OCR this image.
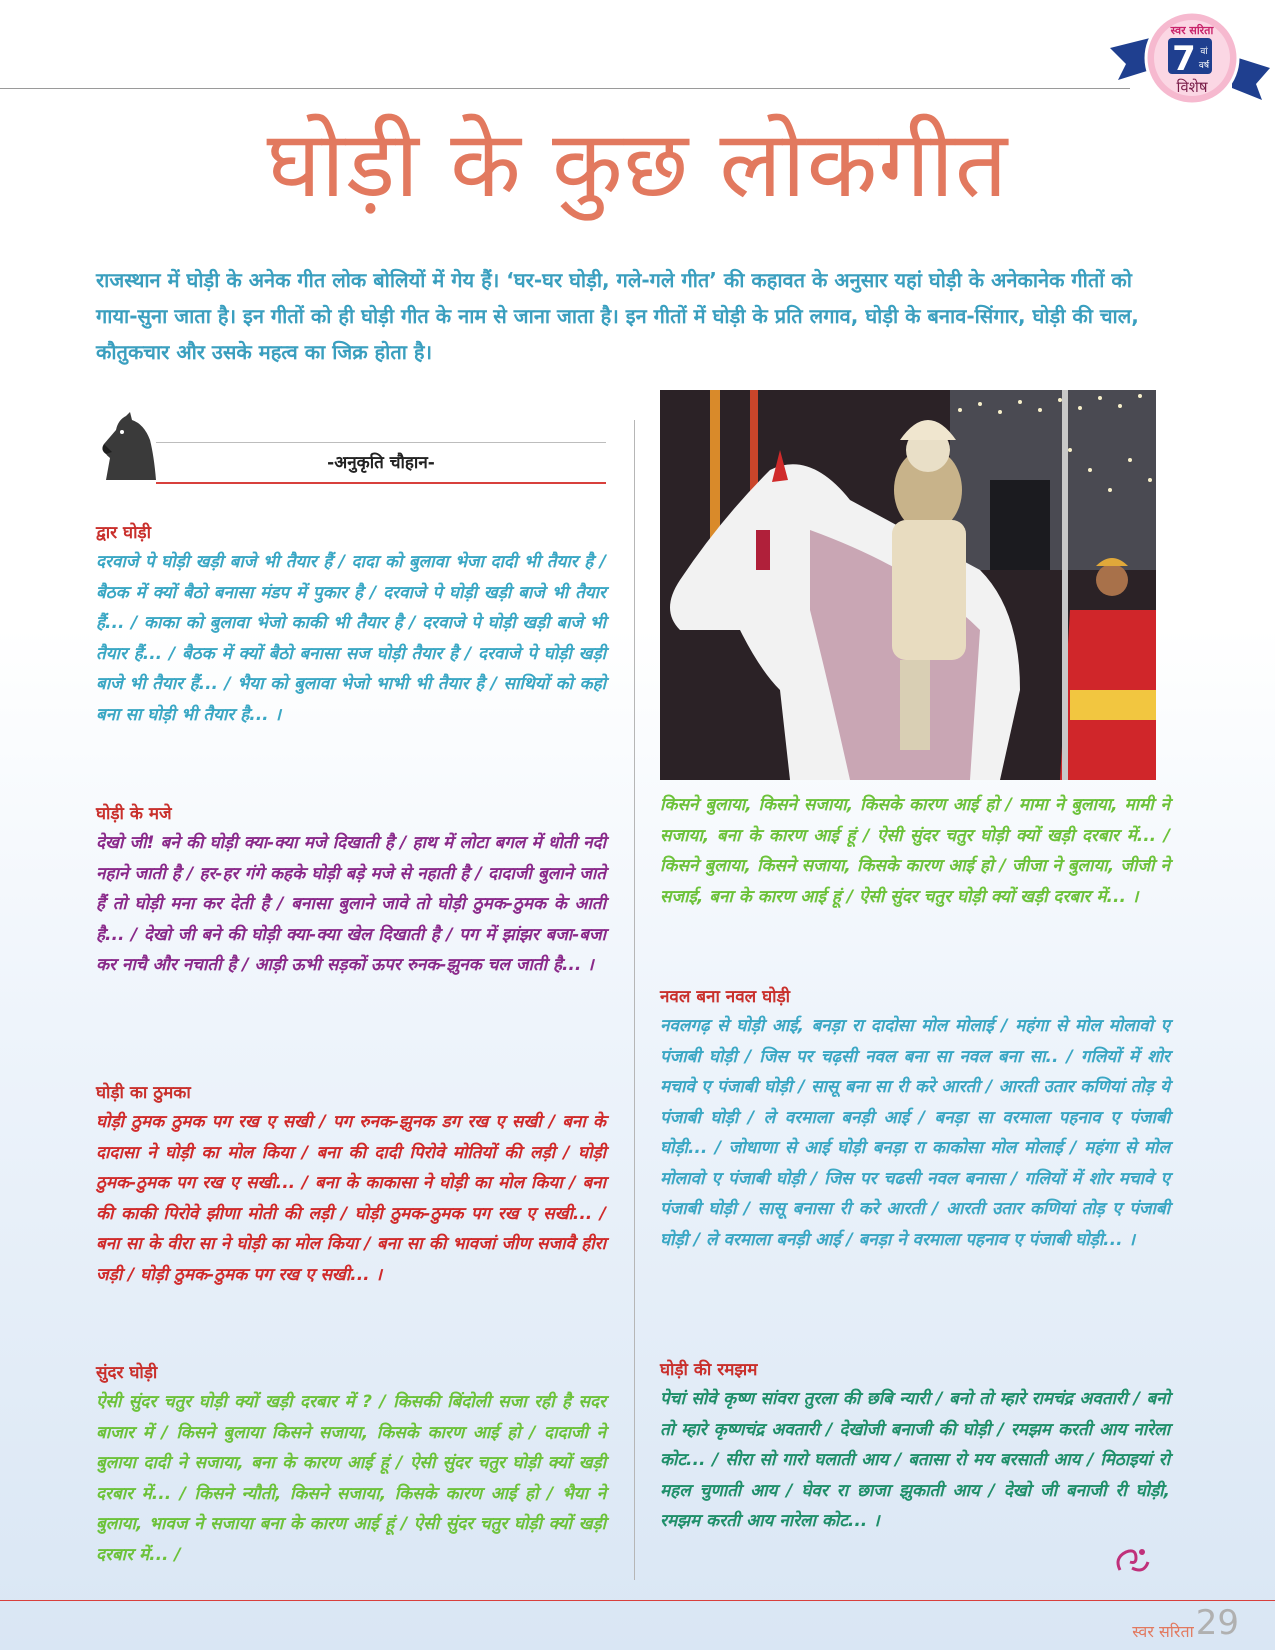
स्वर सरिता
7 वां
वर्ष
विशेष
घोड़ी के कुछ लोकगीत
राजस्थान में घोड़ी के अनेक गीत लोक बोलियों में गेय हैं। ‘घर-घर घोड़ी, गले-गले गीत’ की कहावत के अनुसार यहां घोड़ी के अनेकानेक गीतों को गाया-सुना जाता है। इन गीतों को ही घोड़ी गीत के नाम से जाना जाता है। इन गीतों में घोड़ी के प्रति लगाव, घोड़ी के बनाव-सिंगार, घोड़ी की चाल, कौतुकचार और उसके महत्व का जिक्र होता है।
-अनुकृति चौहान-
द्वार घोड़ी

दरवाजे पे घोड़ी खड़ी बाजे भी तैयार हैं / दादा को बुलावा भेजा दादी भी तैयार है / बैठक में क्यों बैठो बनासा मंडप में पुकार है / दरवाजे पे घोड़ी खड़ी बाजे भी तैयार हैं... / काका को बुलावा भेजो काकी भी तैयार है / दरवाजे पे घोड़ी खड़ी बाजे भी तैयार हैं... / बैठक में क्यों बैठो बनासा सज घोड़ी तैयार है / दरवाजे पे घोड़ी खड़ी बाजे भी तैयार हैं... / भैया को बुलावा भेजो भाभी भी तैयार है / साथियों को कहो बना सा घोड़ी भी तैयार है... ।

घोड़ी के मजे

देखो जी! बने की घोड़ी क्या-क्या मजे दिखाती है / हाथ में लोटा बगल में धोती नदी नहाने जाती है / हर-हर गंगे कहके घोड़ी बड़े मजे से नहाती है / दादाजी बुलाने जाते हैं तो घोड़ी मना कर देती है / बनासा बुलाने जावे तो घोड़ी ठुमक-ठुमक के आती है... / देखो जी बने की घोड़ी क्या-क्या खेल दिखाती है / पग में झांझर बजा-बजा कर नाचै और नचाती है / आड़ी ऊभी सड़कों ऊपर रुनक-झुनक चल जाती है... ।

घोड़ी का ठुमका

घोड़ी ठुमक ठुमक पग रख ए सखी / पग रुनक-झुनक डग रख ए सखी / बना के दादासा ने घोड़ी का मोल किया / बना की दादी पिरोवे मोतियों की लड़ी / घोड़ी ठुमक-ठुमक पग रख ए सखी... / बना के काकासा ने घोड़ी का मोल किया / बना की काकी पिरोवे झीणा मोती की लड़ी / घोड़ी ठुमक-ठुमक पग रख ए सखी... / बना सा के वीरा सा ने घोड़ी का मोल किया / बना सा की भावजां जीण सजावै हीरा जड़ी / घोड़ी ठुमक-ठुमक पग रख ए सखी... ।

सुंदर घोड़ी

ऐसी सुंदर चतुर घोड़ी क्यों खड़ी दरबार में ? / किसकी बिंदोली सजा रही है सदर बाजार में / किसने बुलाया किसने सजाया, किसके कारण आई हो / दादाजी ने बुलाया दादी ने सजाया, बना के कारण आई हूं / ऐसी सुंदर चतुर घोड़ी क्यों खड़ी दरबार में... / किसने न्यौती, किसने सजाया, किसके कारण आई हो / भैया ने बुलाया, भावज ने सजाया बना के कारण आई हूं / ऐसी सुंदर चतुर घोड़ी क्यों खड़ी दरबार में... /

किसने बुलाया, किसने सजाया, किसके कारण आई हो / मामा ने बुलाया, मामी ने सजाया, बना के कारण आई हूं / ऐसी सुंदर चतुर घोड़ी क्यों खड़ी दरबार में... / किसने बुलाया, किसने सजाया, किसके कारण आई हो / जीजा ने बुलाया, जीजी ने सजाई, बना के कारण आई हूं / ऐसी सुंदर चतुर घोड़ी क्यों खड़ी दरबार में... ।

नवल बना नवल घोड़ी

नवलगढ़ से घोड़ी आई, बनड़ा रा दादोसा मोल मोलाई / महंगा से मोल मोलावो ए पंजाबी घोड़ी / जिस पर चढ़सी नवल बना सा नवल बना सा.. / गलियों में शोर मचावे ए पंजाबी घोड़ी / सासू बना सा री करे आरती / आरती उतार कणियां तोड़ ये पंजाबी घोड़ी / ले वरमाला बनड़ी आई / बनड़ा सा वरमाला पहनाव ए पंजाबी घोड़ी... / जोधाणा से आई घोड़ी बनड़ा रा काकोसा मोल मोलाई / महंगा से मोल मोलावो ए पंजाबी घोड़ी / जिस पर चढसी नवल बनासा / गलियों में शोर मचावे ए पंजाबी घोड़ी / सासू बनासा री करे आरती / आरती उतार कणियां तोड़ ए पंजाबी घोड़ी / ले वरमाला बनड़ी आई / बनड़ा ने वरमाला पहनाव ए पंजाबी घोड़ी... ।

घोड़ी की रमझम

पेचां सोवे कृष्ण सांवरा तुरला की छबि न्यारी / बनो तो म्हारे रामचंद्र अवतारी / बनो तो म्हारे कृष्णचंद्र अवतारी / देखोजी बनाजी की घोड़ी / रमझम करती आय नारेला कोट... / सीरा सो गारो घलाती आय / बतासा रो मय बरसाती आय / मिठाइयां रो महल चुणाती आय / घेवर रा छाजा झुकाती आय / देखो जी बनाजी री घोड़ी, रमझम करती आय नारेला कोट... ।

स्वर सरिता 29
